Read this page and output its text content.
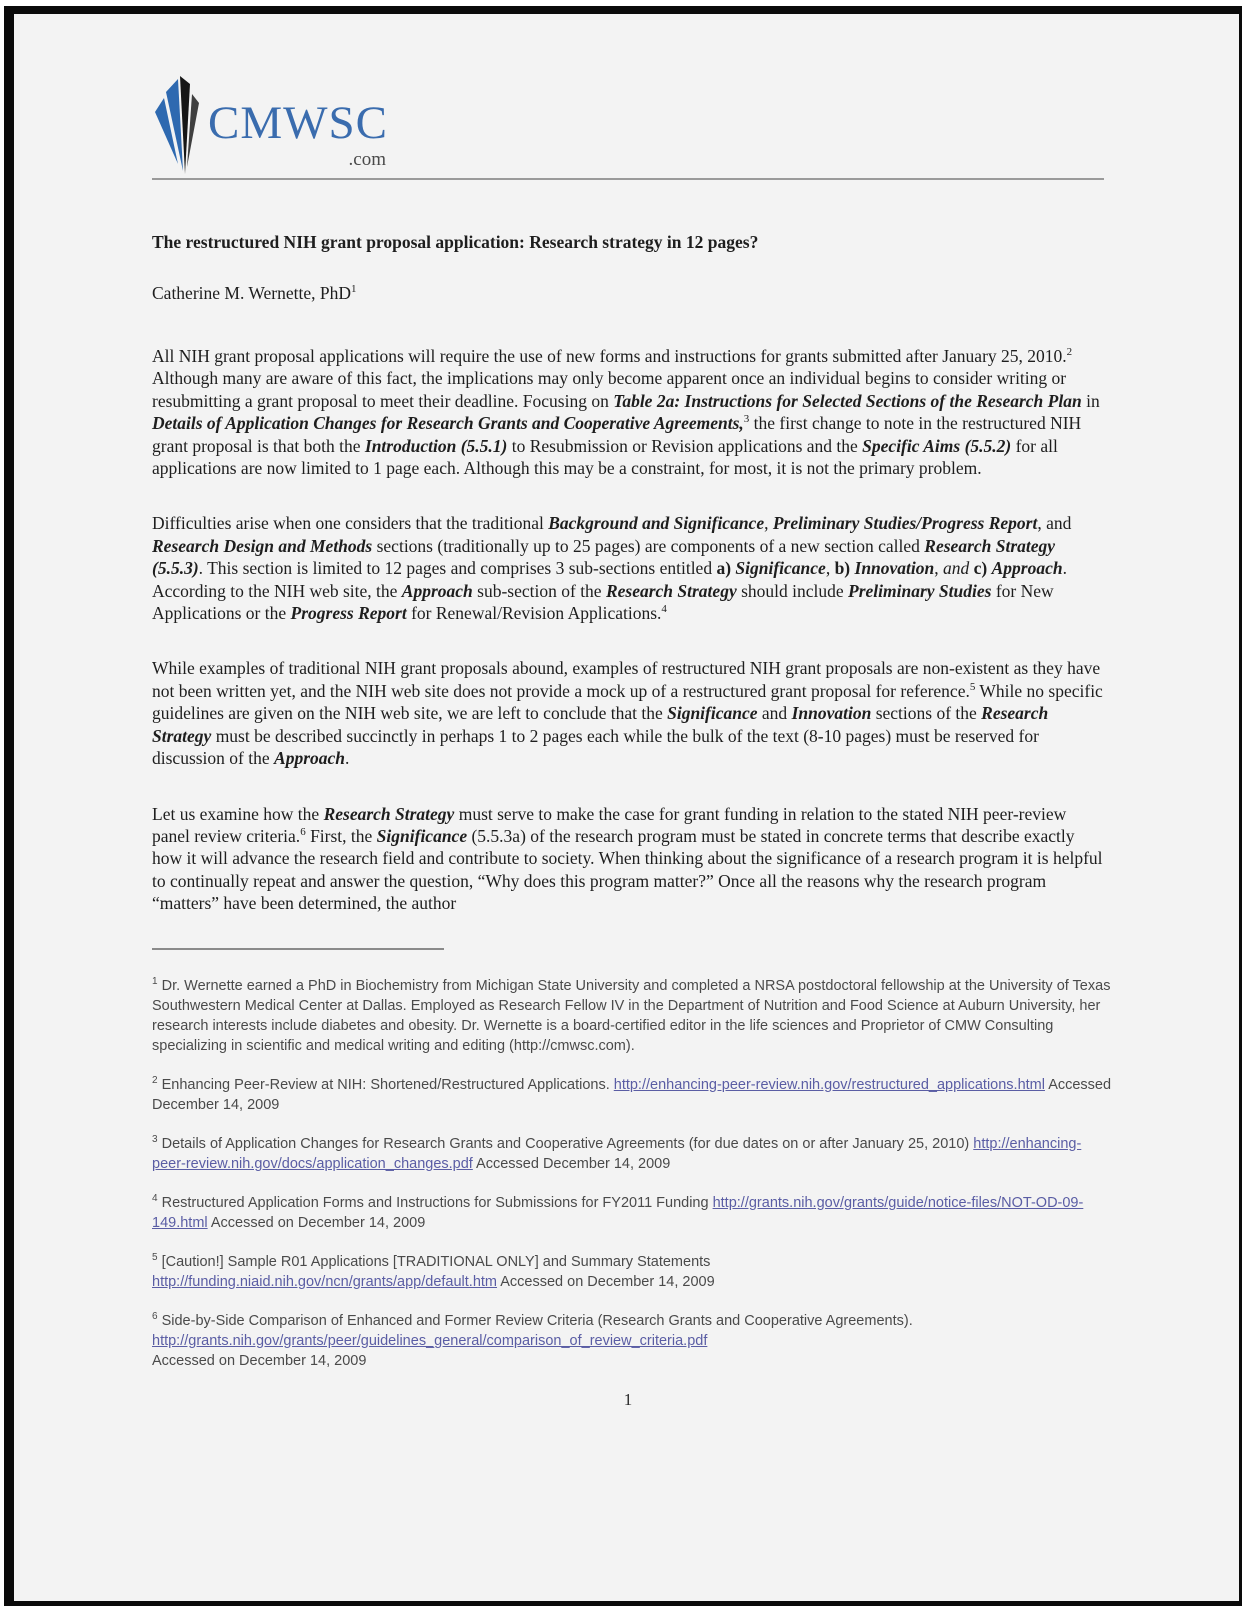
CMWSC
.com
The restructured NIH grant proposal application: Research strategy in 12 pages?

Catherine M. Wernette, PhD$^1$

All NIH grant proposal applications will require the use of new forms and instructions for grants submitted after January 25, 2010.$^2$ Although many are aware of this fact, the implications may only become apparent once an individual begins to consider writing or resubmitting a grant proposal to meet their deadline. Focusing on Table 2a: Instructions for Selected Sections of the Research Plan in Details of Application Changes for Research Grants and Cooperative Agreements,$^3$ the first change to note in the restructured NIH grant proposal is that both the Introduction (5.5.1) to Resubmission or Revision applications and the Specific Aims (5.5.2) for all applications are now limited to 1 page each. Although this may be a constraint, for most, it is not the primary problem.

Difficulties arise when one considers that the traditional Background and Significance, Preliminary Studies/Progress Report, and Research Design and Methods sections (traditionally up to 25 pages) are components of a new section called Research Strategy (5.5.3). This section is limited to 12 pages and comprises 3 sub-sections entitled a) Significance, b) Innovation, and c) Approach. According to the NIH web site, the Approach sub-section of the Research Strategy should include Preliminary Studies for New Applications or the Progress Report for Renewal/Revision Applications.$^4$

While examples of traditional NIH grant proposals abound, examples of restructured NIH grant proposals are non-existent as they have not been written yet, and the NIH web site does not provide a mock up of a restructured grant proposal for reference.$^5$ While no specific guidelines are given on the NIH web site, we are left to conclude that the Significance and Innovation sections of the Research Strategy must be described succinctly in perhaps 1 to 2 pages each while the bulk of the text (8-10 pages) must be reserved for discussion of the Approach.

Let us examine how the Research Strategy must serve to make the case for grant funding in relation to the stated NIH peer-review panel review criteria.$^6$ First, the Significance (5.5.3a) of the research program must be stated in concrete terms that describe exactly how it will advance the research field and contribute to society. When thinking about the significance of a research program it is helpful to continually repeat and answer the question, “Why does this program matter?” Once all the reasons why the research program “matters” have been determined, the author

$^1$ Dr. Wernette earned a PhD in Biochemistry from Michigan State University and completed a NRSA postdoctoral fellowship at the University of Texas Southwestern Medical Center at Dallas. Employed as Research Fellow IV in the Department of Nutrition and Food Science at Auburn University, her research interests include diabetes and obesity. Dr. Wernette is a board-certified editor in the life sciences and Proprietor of CMW Consulting specializing in scientific and medical writing and editing (http://cmwsc.com).

$^2$ Enhancing Peer-Review at NIH: Shortened/Restructured Applications. http://enhancing-peer-review.nih.gov/restructured_applications.html Accessed December 14, 2009

$^3$ Details of Application Changes for Research Grants and Cooperative Agreements (for due dates on or after January 25, 2010) http://enhancing-peer-review.nih.gov/docs/application_changes.pdf Accessed December 14, 2009

$^4$ Restructured Application Forms and Instructions for Submissions for FY2011 Funding http://grants.nih.gov/grants/guide/notice-files/NOT-OD-09-149.html Accessed on December 14, 2009

$^5$ [Caution!] Sample R01 Applications [TRADITIONAL ONLY] and Summary Statements
http://funding.niaid.nih.gov/ncn/grants/app/default.htm Accessed on December 14, 2009

$^6$ Side-by-Side Comparison of Enhanced and Former Review Criteria (Research Grants and Cooperative Agreements).
http://grants.nih.gov/grants/peer/guidelines_general/comparison_of_review_criteria.pdf
Accessed on December 14, 2009

1
